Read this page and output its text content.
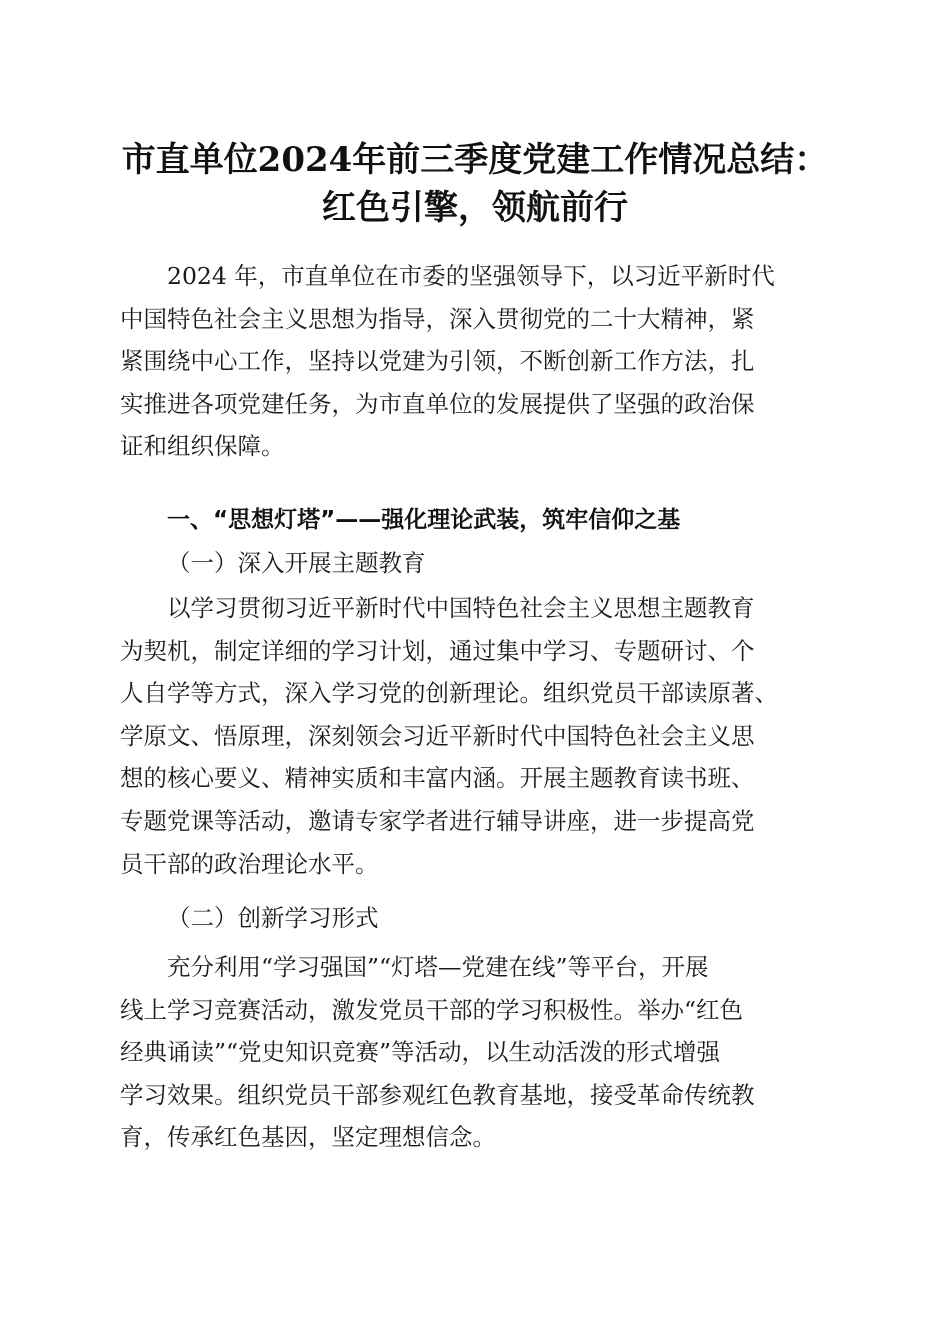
市直单位2024年前三季度党建工作情况总结：
红色引擎，领航前行
2024 年，市直单位在市委的坚强领导下，以习近平新时代
中国特色社会主义思想为指导，深入贯彻党的二十大精神，紧
紧围绕中心工作，坚持以党建为引领，不断创新工作方法，扎
实推进各项党建任务，为市直单位的发展提供了坚强的政治保
证和组织保障。
一、“思想灯塔”——强化理论武装，筑牢信仰之基
（一）深入开展主题教育
以学习贯彻习近平新时代中国特色社会主义思想主题教育
为契机，制定详细的学习计划，通过集中学习、专题研讨、个
人自学等方式，深入学习党的创新理论。组织党员干部读原著、
学原文、悟原理，深刻领会习近平新时代中国特色社会主义思
想的核心要义、精神实质和丰富内涵。开展主题教育读书班、
专题党课等活动，邀请专家学者进行辅导讲座，进一步提高党
员干部的政治理论水平。
（二）创新学习形式
充分利用“学习强国”“灯塔—党建在线”等平台，开展
线上学习竞赛活动，激发党员干部的学习积极性。举办“红色
经典诵读”“党史知识竞赛”等活动，以生动活泼的形式增强
学习效果。组织党员干部参观红色教育基地，接受革命传统教
育，传承红色基因，坚定理想信念。
